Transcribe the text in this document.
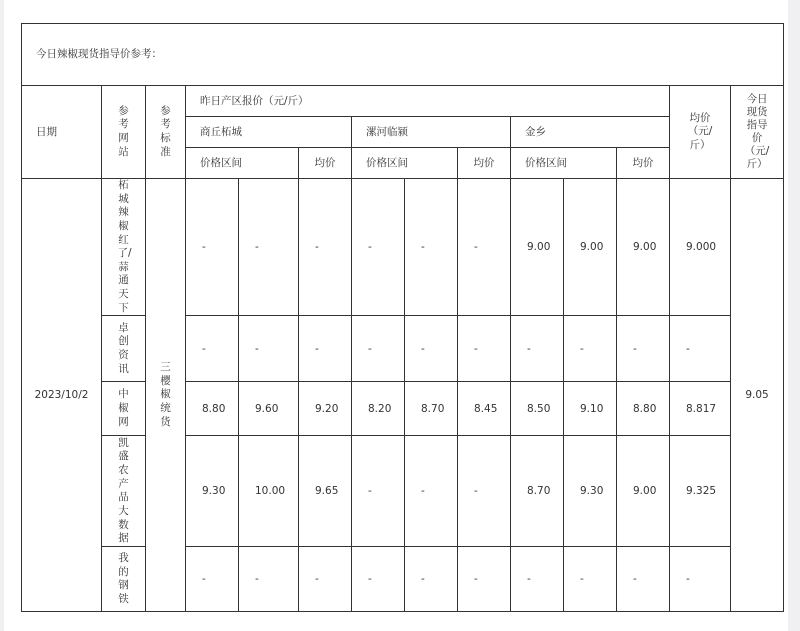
今日辣椒现货指导价参考：													
日期	参考网站	参考标准	昨日产区报价（元/斤）									均价（元/斤）	今日现货指导价（元/斤）

			商丘柘城			漯河临颍			金乡				
			价格区间		均价	价格区间		均价	价格区间		均价		
2023/10/2	柘城辣椒红了/蒜通天下	三樱椒统货	-	-	-	-	-	-	9.00	9.00	9.00	9.000	9.05

	卓创资讯		-	-	-	-	-	-	-	-	-	-	

	中椒网		8.80	9.60	9.20	8.20	8.70	8.45	8.50	9.10	8.80	8.817	

	凯盛农产品大数据		9.30	10.00	9.65	-	-	-	8.70	9.30	9.00	9.325	

	我的钢铁		-	-	-	-	-	-	-	-	-	-	
